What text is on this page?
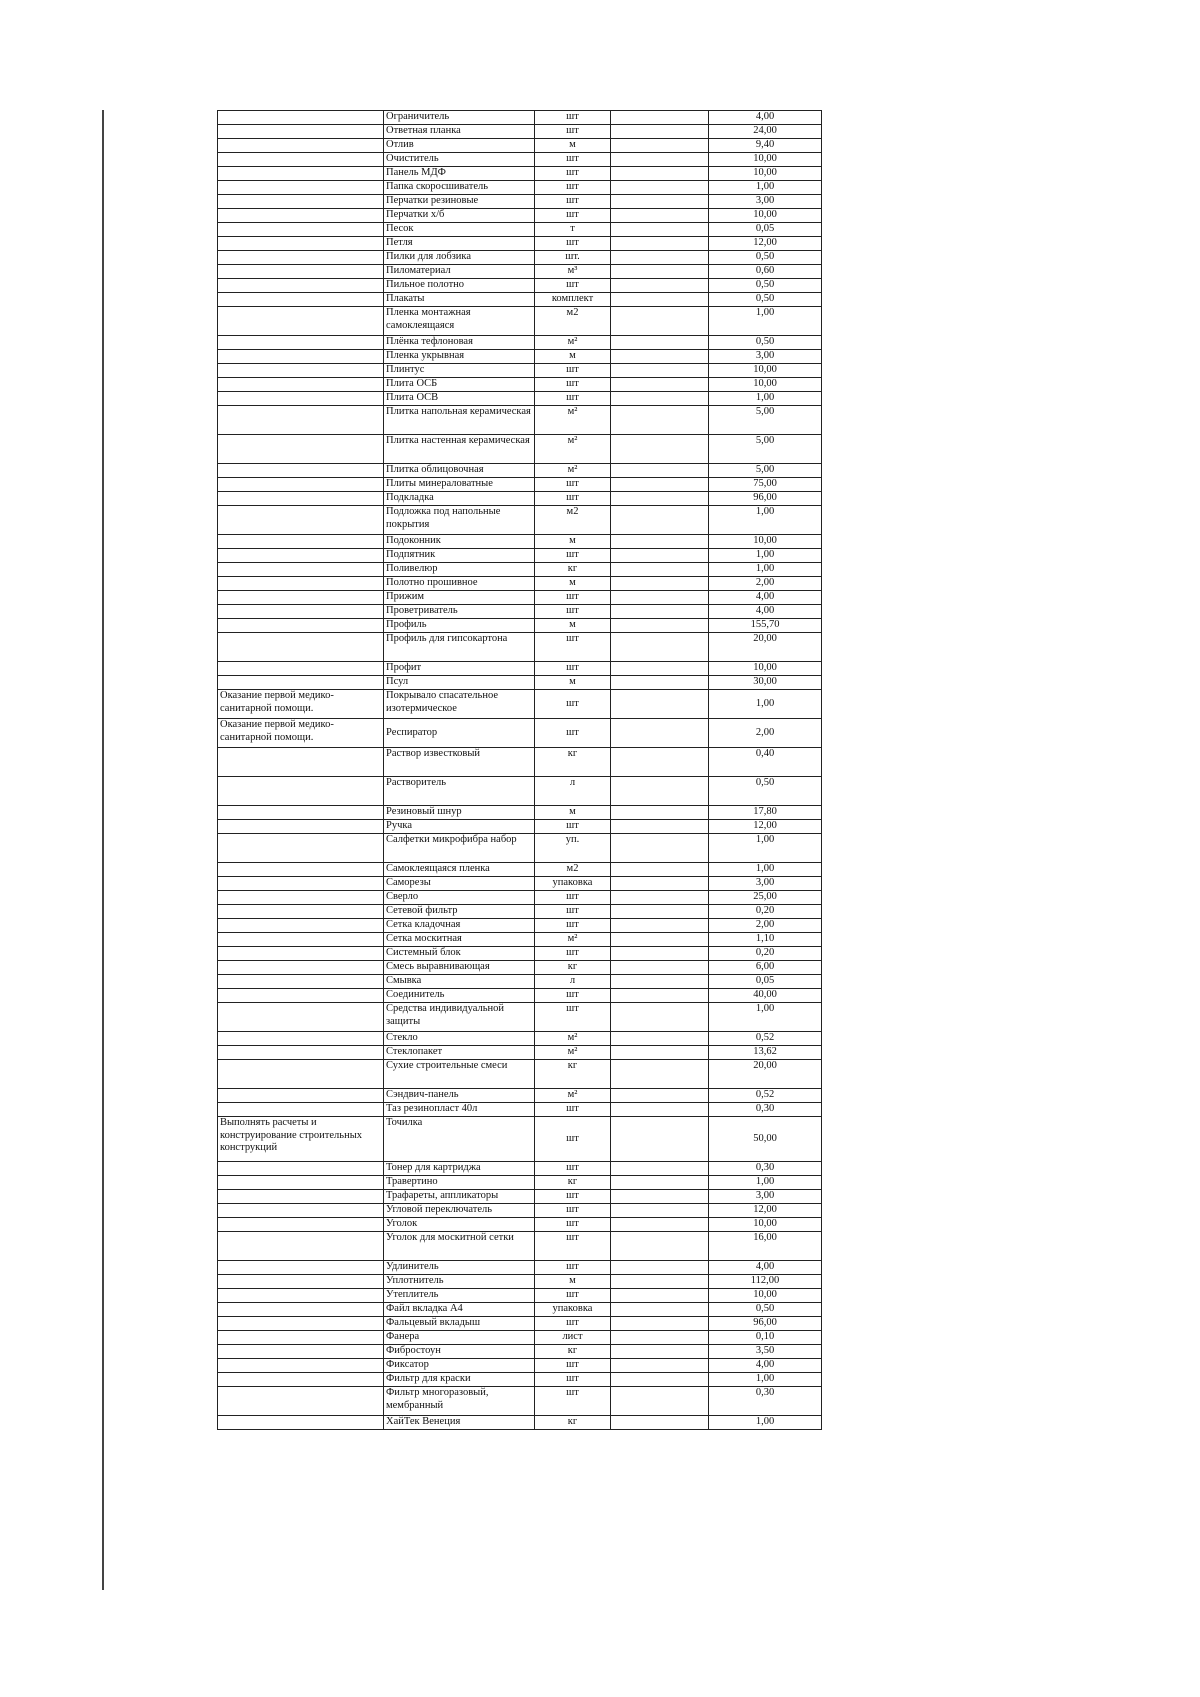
	Ограничитель	шт		4,00
	Ответная планка	шт		24,00
	Отлив	м		9,40
	Очиститель	шт		10,00
	Панель МДФ	шт		10,00
	Папка скоросшиватель	шт		1,00
	Перчатки резиновые	шт		3,00
	Перчатки х/б	шт		10,00
	Песок	т		0,05
	Петля	шт		12,00
	Пилки для лобзика	шт.		0,50
	Пиломатериал	м³		0,60
	Пильное полотно	шт		0,50
	Плакаты	комплект		0,50
	Пленка монтажная самоклеящаяся	м2		1,00
	Плёнка тефлоновая	м²		0,50
	Пленка укрывная	м		3,00
	Плинтус	шт		10,00
	Плита ОСБ	шт		10,00
	Плита ОСВ	шт		1,00
	Плитка напольная керамическая	м²		5,00
	Плитка настенная керамическая	м²		5,00
	Плитка облицовочная	м²		5,00
	Плиты минераловатные	шт		75,00
	Подкладка	шт		96,00
	Подложка под напольные покрытия	м2		1,00
	Подоконник	м		10,00
	Подпятник	шт		1,00
	Поливелюр	кг		1,00
	Полотно прошивное	м		2,00
	Прижим	шт		4,00
	Проветриватель	шт		4,00
	Профиль	м		155,70
	Профиль для гипсокартона	шт		20,00
	Профит	шт		10,00
	Псул	м		30,00
Оказание первой медико-санитарной помощи.	Покрывало спасательное изотермическое	шт		1,00
Оказание первой медико-санитарной помощи.	Респиратор	шт		2,00
	Раствор известковый	кг		0,40
	Растворитель	л		0,50
	Резиновый шнур	м		17,80
	Ручка	шт		12,00
	Салфетки микрофибра набор	уп.		1,00
	Самоклеящаяся пленка	м2		1,00
	Саморезы	упаковка		3,00
	Сверло	шт		25,00
	Сетевой фильтр	шт		0,20
	Сетка кладочная	шт		2,00
	Сетка москитная	м²		1,10
	Системный блок	шт		0,20
	Смесь выравнивающая	кг		6,00
	Смывка	л		0,05
	Соединитель	шт		40,00
	Средства индивидуальной защиты	шт		1,00
	Стекло	м²		0,52
	Стеклопакет	м²		13,62
	Сухие строительные смеси	кг		20,00
	Сэндвич-панель	м²		0,52
	Таз резинопласт 40л	шт		0,30
Выполнять расчеты и конструирование строительных конструкций	Точилка	шт		50,00
	Тонер для картриджа	шт		0,30
	Травертино	кг		1,00
	Трафареты, аппликаторы	шт		3,00
	Угловой переключатель	шт		12,00
	Уголок	шт		10,00
	Уголок для москитной сетки	шт		16,00
	Удлинитель	шт		4,00
	Уплотнитель	м		112,00
	Утеплитель	шт		10,00
	Файл вкладка А4	упаковка		0,50
	Фальцевый вкладыш	шт		96,00
	Фанера	лист		0,10
	Фибростоун	кг		3,50
	Фиксатор	шт		4,00
	Фильтр для краски	шт		1,00
	Фильтр многоразовый, мембранный	шт		0,30
	ХайТек Венеция	кг		1,00
